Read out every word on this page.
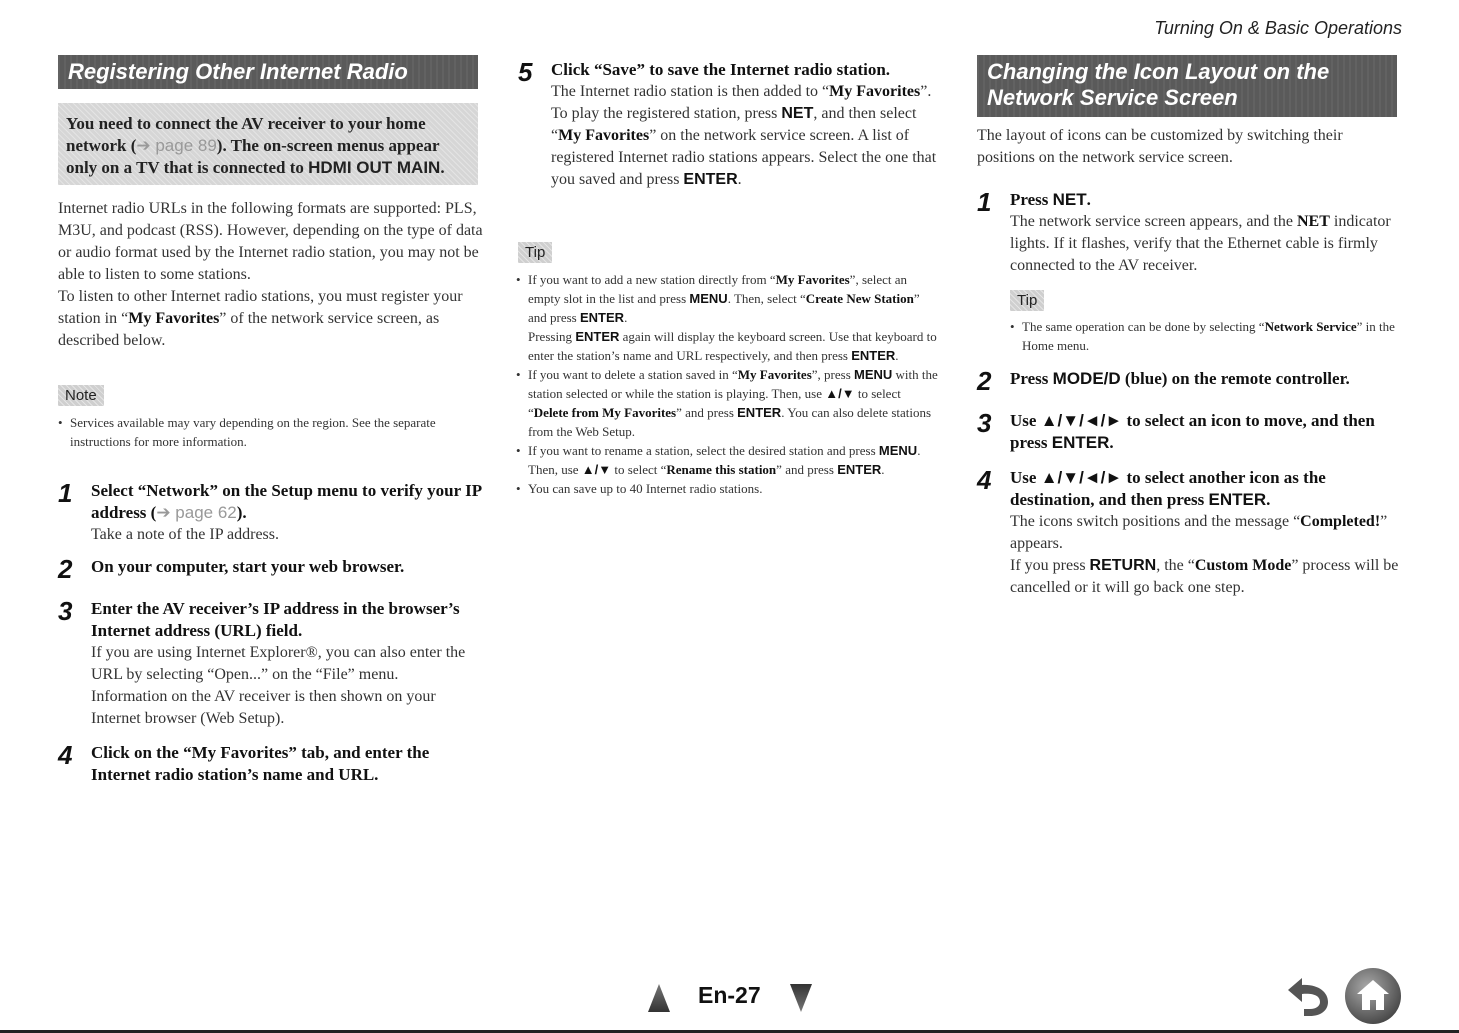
Turning On & Basic Operations
Registering Other Internet Radio
You need to connect the AV receiver to your home network (➔ page 89). The on-screen menus appear only on a TV that is connected to HDMI OUT MAIN.

Internet radio URLs in the following formats are supported: PLS, M3U, and podcast (RSS). However, depending on the type of data or audio format used by the Internet radio station, you may not be able to listen to some stations.

To listen to other Internet radio stations, you must register your station in “My Favorites” of the network service screen, as described below.

Note
• Services available may vary depending on the region. See the separate instructions for more information.
1 Select “Network” on the Setup menu to verify your IP address (➔ page 62).

Take a note of the IP address.

2 On your computer, start your web browser.

3 Enter the AV receiver’s IP address in the browser’s Internet address (URL) field.

If you are using Internet Explorer®, you can also enter the URL by selecting “Open...” on the “File” menu.

Information on the AV receiver is then shown on your Internet browser (Web Setup).

4 Click on the “My Favorites” tab, and enter the Internet radio station’s name and URL.

5 Click “Save” to save the Internet radio station.

The Internet radio station is then added to “My Favorites”. To play the registered station, press NET, and then select “My Favorites” on the network service screen. A list of registered Internet radio stations appears. Select the one that you saved and press ENTER.

Tip
• If you want to add a new station directly from “My Favorites”, select an empty slot in the list and press MENU. Then, select “Create New Station” and press ENTER.
Pressing ENTER again will display the keyboard screen. Use that keyboard to enter the station’s name and URL respectively, and then press ENTER.
• If you want to delete a station saved in “My Favorites”, press MENU with the station selected or while the station is playing. Then, use ▲/▼ to select “Delete from My Favorites” and press ENTER. You can also delete stations from the Web Setup.
• If you want to rename a station, select the desired station and press MENU. Then, use ▲/▼ to select “Rename this station” and press ENTER.
• You can save up to 40 Internet radio stations.
Changing the Icon Layout on the
Network Service Screen

The layout of icons can be customized by switching their positions on the network service screen.

1 Press NET.

The network service screen appears, and the NET indicator lights. If it flashes, verify that the Ethernet cable is firmly connected to the AV receiver.

Tip
• The same operation can be done by selecting “Network Service” in the Home menu.
2 Press MODE/D (blue) on the remote controller.

3 Use ▲/▼/◄/► to select an icon to move, and then press ENTER.

4 Use ▲/▼/◄/► to select another icon as the destination, and then press ENTER.

The icons switch positions and the message “Completed!” appears.

If you press RETURN, the “Custom Mode” process will be cancelled or it will go back one step.

En-27
